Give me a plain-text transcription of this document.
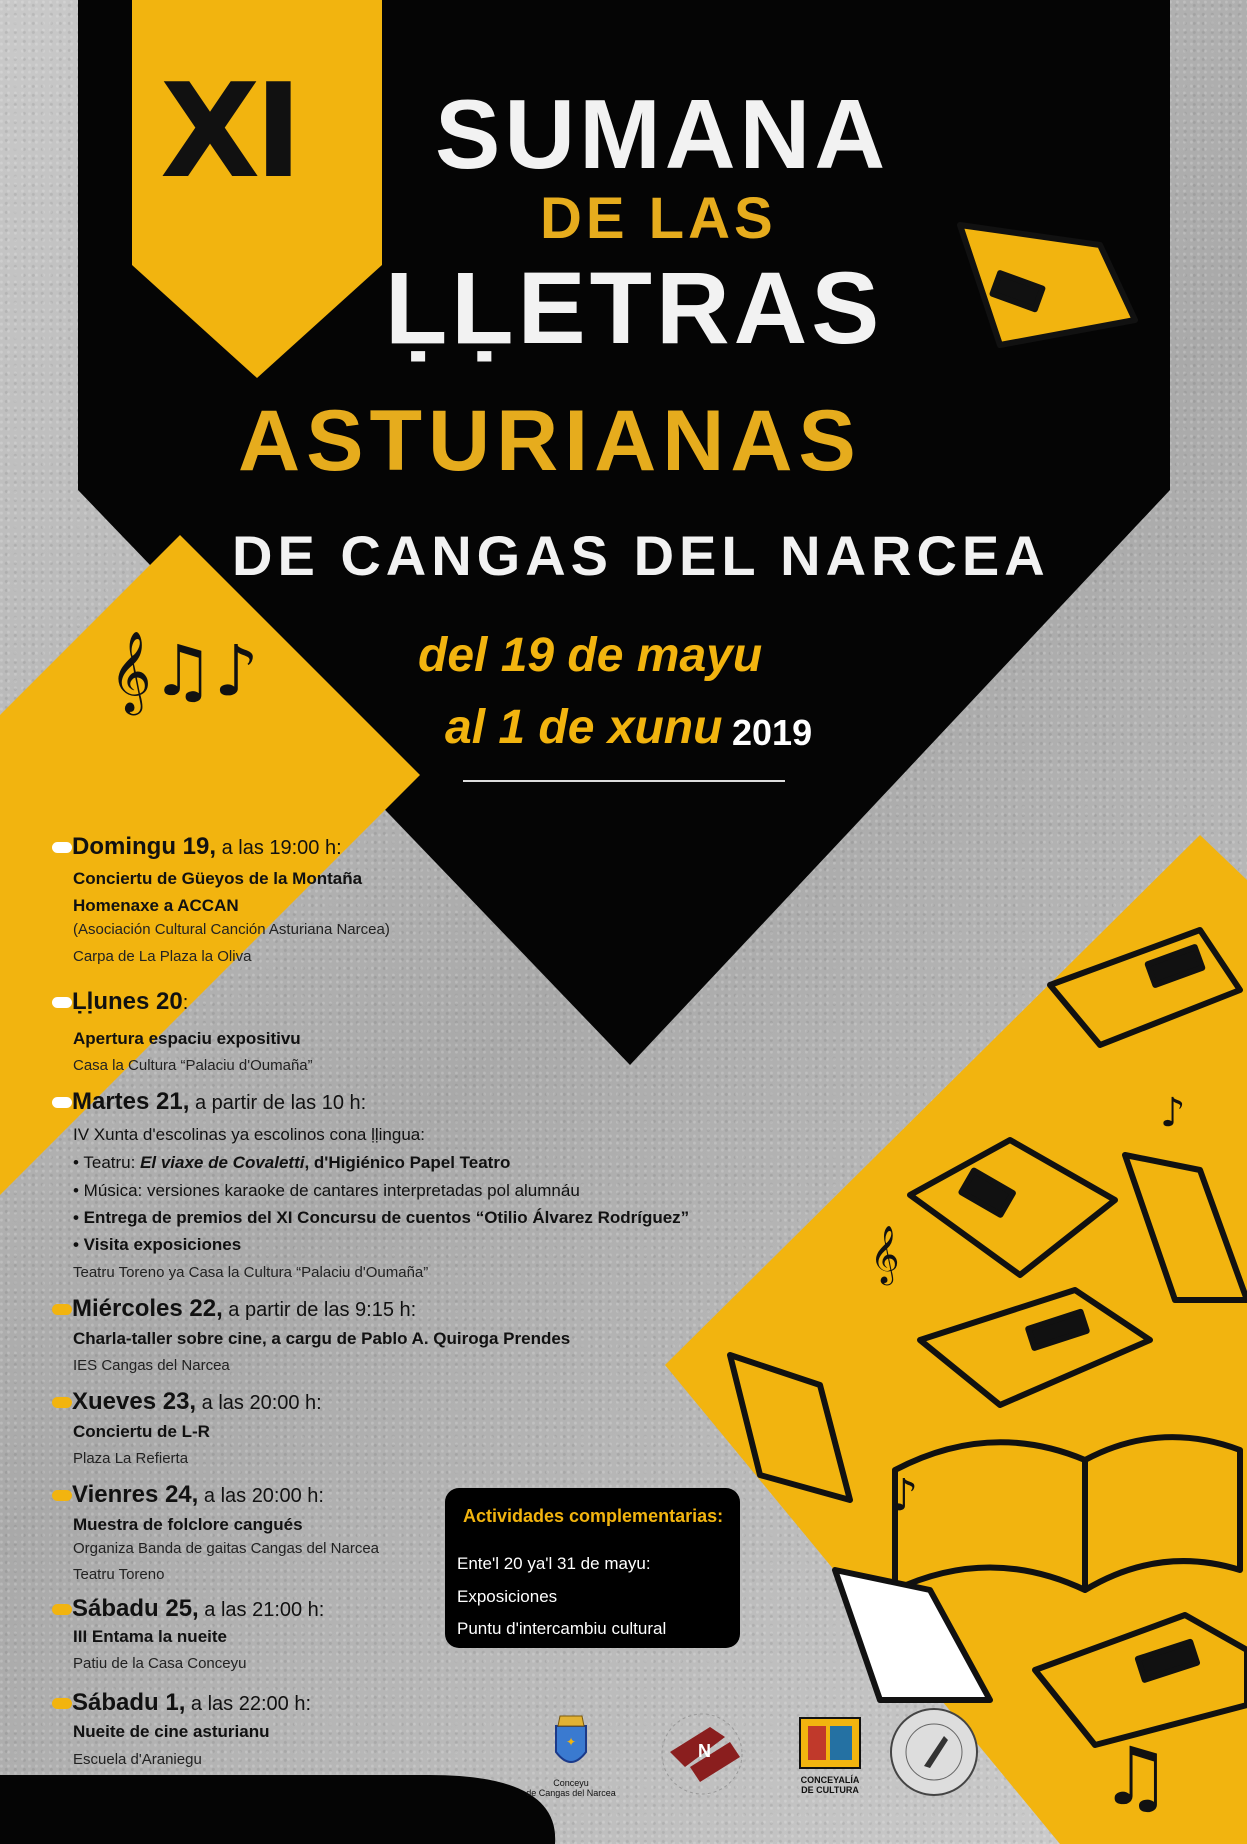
𝄞♫♪
𝄞
♪
♪
♫
XI SUMANA
DE LAS
ḶḶETRAS
ASTURIANAS
DE CANGAS DEL NARCEA
del 19 de mayu
al 1 de xunu 2019
Domingu 19, a las 19:00 h:
Conciertu de Güeyos de la Montaña
Homenaxe a ACCAN
(Asociación Cultural Canción Asturiana Narcea)
Carpa de La Plaza la Oliva
Ḷḷunes 20:
Apertura espaciu expositivu
Casa la Cultura “Palaciu d'Oumaña”
Martes 21, a partir de las 10 h:
IV Xunta d'escolinas ya escolinos cona ḷḷingua:
• Teatru: El viaxe de Covaletti, d'Higiénico Papel Teatro
• Música: versiones karaoke de cantares interpretadas pol alumnáu
• Entrega de premios del XI Concursu de cuentos “Otilio Álvarez Rodríguez”
• Visita exposiciones
Teatru Toreno ya Casa la Cultura “Palaciu d'Oumaña”
Miércoles 22, a partir de las 9:15 h:
Charla-taller sobre cine, a cargu de Pablo A. Quiroga Prendes
IES Cangas del Narcea
Xueves 23, a las 20:00 h:
Conciertu de L-R
Plaza La Refierta
Vienres 24, a las 20:00 h:
Muestra de folclore cangués
Organiza Banda de gaitas Cangas del Narcea
Teatru Toreno
Sábadu 25, a las 21:00 h:
III Entama la nueite
Patiu de la Casa Conceyu
Sábadu 1, a las 22:00 h:
Nueite de cine asturianu
Escuela d'Araniegu
Actividades complementarias:
Ente'l 20 ya'l 31 de mayu:
Exposiciones
Puntu d'intercambiu cultural
✦
Conceyu
de Cangas del Narcea
N
CONCEYALÍA
DE CULTURA
